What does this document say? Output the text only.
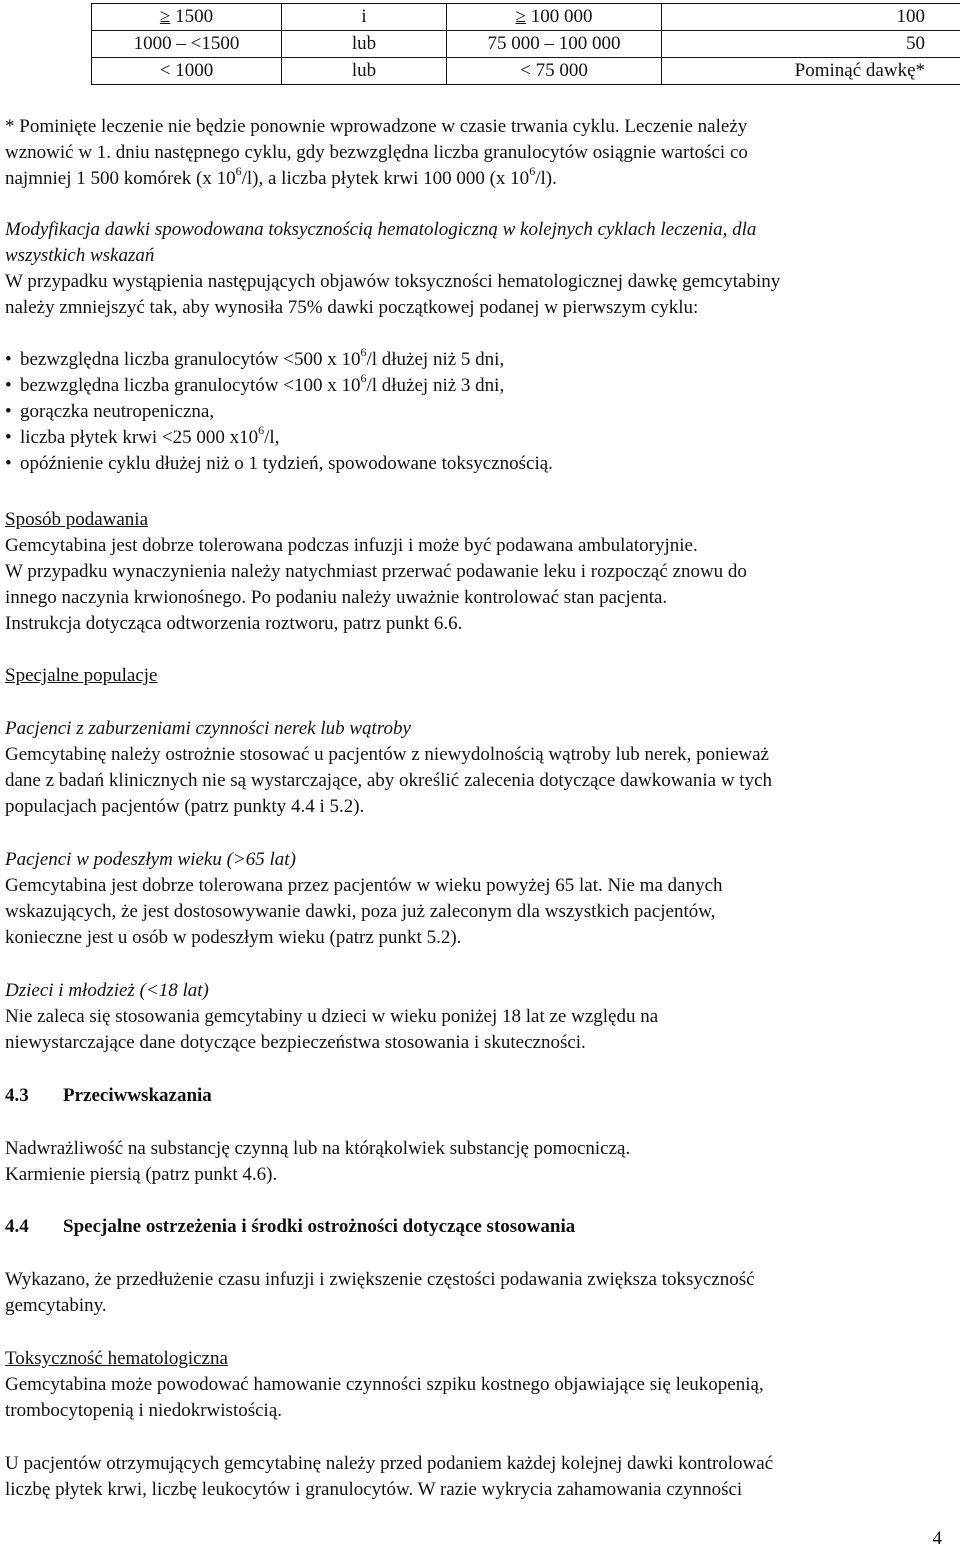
≥ 1500	i	≥ 100 000	100
1000 – <1500	lub	75 000 – 100 000	50
< 1000	lub	< 75 000	Pominąć dawkę*

* Pominięte leczenie nie będzie ponownie wprowadzone w czasie trwania cyklu. Leczenie należy

wznowić w 1. dniu następnego cyklu, gdy bezwzględna liczba granulocytów osiągnie wartości co

najmniej 1 500 komórek (x $10^6/l$), a liczba płytek krwi 100 000 (x $10^6/l$).

Modyfikacja dawki spowodowana toksycznością hematologiczną w kolejnych cyklach leczenia, dla

wszystkich wskazań

W przypadku wystąpienia następujących objawów toksyczności hematologicznej dawkę gemcytabiny

należy zmniejszyć tak, aby wynosiła 75% dawki początkowej podanej w pierwszym cyklu:

• bezwzględna liczba granulocytów <500 x $10^6/l$ dłużej niż 5 dni,
• bezwzględna liczba granulocytów <100 x $10^6/l$ dłużej niż 3 dni,
• gorączka neutropeniczna,
• liczba płytek krwi <25 000 $x10^6/l$,
• opóźnienie cyklu dłużej niż o 1 tydzień, spowodowane toksycznością.

Sposób podawania

Gemcytabina jest dobrze tolerowana podczas infuzji i może być podawana ambulatoryjnie.

W przypadku wynaczynienia należy natychmiast przerwać podawanie leku i rozpocząć znowu do

innego naczynia krwionośnego. Po podaniu należy uważnie kontrolować stan pacjenta.

Instrukcja dotycząca odtworzenia roztworu, patrz punkt 6.6.

Specjalne populacje

Pacjenci z zaburzeniami czynności nerek lub wątroby

Gemcytabinę należy ostrożnie stosować u pacjentów z niewydolnością wątroby lub nerek, ponieważ

dane z badań klinicznych nie są wystarczające, aby określić zalecenia dotyczące dawkowania w tych

populacjach pacjentów (patrz punkty 4.4 i 5.2).

Pacjenci w podeszłym wieku (>65 lat)

Gemcytabina jest dobrze tolerowana przez pacjentów w wieku powyżej 65 lat. Nie ma danych

wskazujących, że jest dostosowywanie dawki, poza już zaleconym dla wszystkich pacjentów,

konieczne jest u osób w podeszłym wieku (patrz punkt 5.2).

Dzieci i młodzież (<18 lat)

Nie zaleca się stosowania gemcytabiny u dzieci w wieku poniżej 18 lat ze względu na

niewystarczające dane dotyczące bezpieczeństwa stosowania i skuteczności.

4.3 Przeciwwskazania

Nadwrażliwość na substancję czynną lub na którąkolwiek substancję pomocniczą.

Karmienie piersią (patrz punkt 4.6).

4.4 Specjalne ostrzeżenia i środki ostrożności dotyczące stosowania

Wykazano, że przedłużenie czasu infuzji i zwiększenie częstości podawania zwiększa toksyczność

gemcytabiny.

Toksyczność hematologiczna

Gemcytabina może powodować hamowanie czynności szpiku kostnego objawiające się leukopenią,

trombocytopenią i niedokrwistością.

U pacjentów otrzymujących gemcytabinę należy przed podaniem każdej kolejnej dawki kontrolować

liczbę płytek krwi, liczbę leukocytów i granulocytów. W razie wykrycia zahamowania czynności

4
